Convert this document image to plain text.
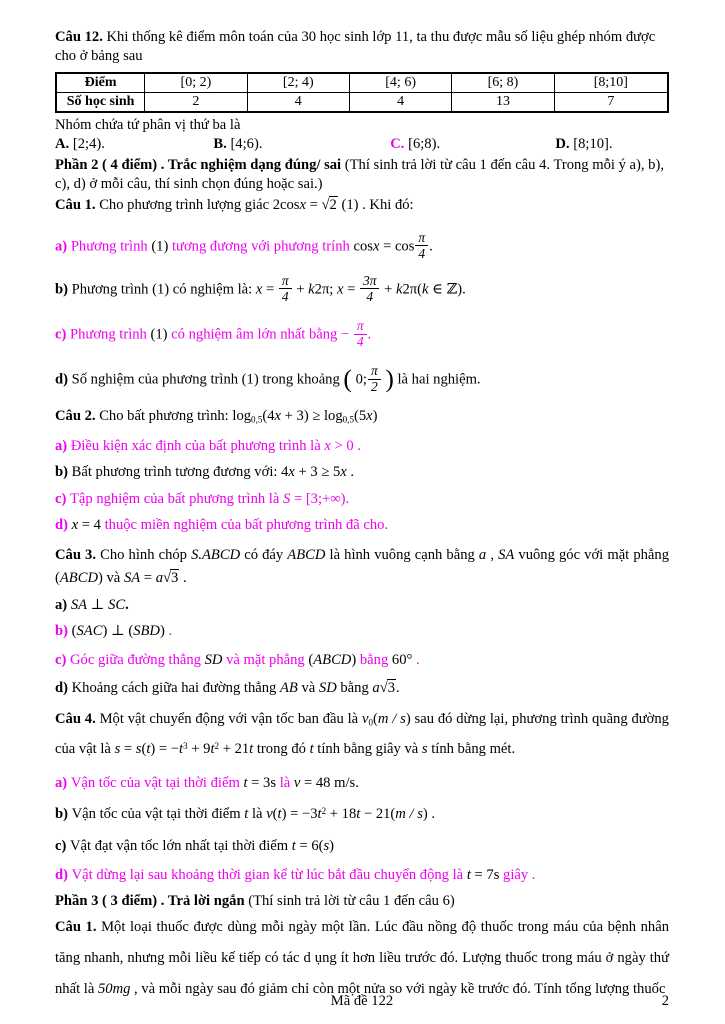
Câu 12. Khi thống kê điểm môn toán của 30 học sinh lớp 11, ta thu được mẫu số liệu ghép nhóm được cho ở bảng sau
Điểm	[0; 2)	[2; 4)	[4; 6)	[6; 8)	[8;10]
Số học sinh	2	4	4	13	7
Nhóm chứa tứ phân vị thứ ba là
A. [2;4).	B. [4;6).	C. [6;8).	D. [8;10].
Phần 2 ( 4 điểm) . Trắc nghiệm dạng đúng/ sai (Thí sinh trả lời từ câu 1 đến câu 4. Trong mỗi ý a), b), c), d) ở mỗi câu, thí sinh chọn đúng hoặc sai.)
Câu 1. Cho phương trình lượng giác 2cosx = √2 (1) . Khi đó:
a) Phương trình (1) tương đương với phương trính $\cos x = \cos \frac{\pi}{4}$ .
b) Phương trình (1) có nghiệm là: $x = \frac{\pi}{4} + k2\pi$; $x = \frac{3\pi}{4} + k2\pi(k$ ∈ ℤ).
c) Phương trình (1) có nghiệm âm lớn nhất bằng − $\frac{\pi}{4}$ .
d) Số nghiệm của phương trình (1) trong khoảng ( 0; $\frac{\pi}{2}$ ) là hai nghiệm.
Câu 2. Cho bất phương trình: $\log_{0,5}(4x + 3) \ge \log_{0,5}(5x)$
a) Điều kiện xác định của bất phương trình là x > 0 .
b) Bất phương trình tương đương với: 4x + 3 ≥ 5x .
c) Tập nghiệm của bất phương trình là S = [3;+∞).
d) x = 4 thuộc miền nghiệm của bất phương trình đã cho.
Câu 3. Cho hình chóp S.ABCD có đáy ABCD là hình vuông cạnh bằng a , SA vuông góc với mặt phẳng (ABCD) và SA = a√3 .
a) SA ⊥ SC.
b) (SAC) ⊥ (SBD) .
c) Góc giữa đường thẳng SD và mặt phẳng (ABCD) bằng 60° .
d) Khoảng cách giữa hai đường thẳng AB và SD bằng a√3.
Câu 4. Một vật chuyển động với vận tốc ban đầu là $v_0(m / s)$ sau đó dừng lại, phương trình quãng đường của vật là $s = s(t) = -t^3 + 9t^2 + 21t$ trong đó t tính bằng giây và s tính bằng mét.
a) Vận tốc của vật tại thời điểm t = 3s là v = 48 m/s.
b) Vận tốc của vật tại thời điểm t là $v(t) = -3t^2 + 18t - 21(m / s)$ .
c) Vật đạt vận tốc lớn nhất tại thời điểm t = 6(s)
d) Vật dừng lại sau khoảng thời gian kể từ lúc bắt đầu chuyển động là t = 7s giây .
Phần 3 ( 3 điểm) . Trả lời ngắn (Thí sinh trả lời từ câu 1 đến câu 6)
Câu 1. Một loại thuốc được dùng mỗi ngày một lần. Lúc đầu nồng độ thuốc trong máu của bệnh nhân tăng nhanh, nhưng mỗi liều kế tiếp có tác d ụng ít hơn liều trước đó. Lượng thuốc trong máu ở ngày thứ nhất là 50mg , và mỗi ngày sau đó giảm chỉ còn một nửa so với ngày kề trước đó. Tính tổng lượng thuốc
Mã đề 122	2
